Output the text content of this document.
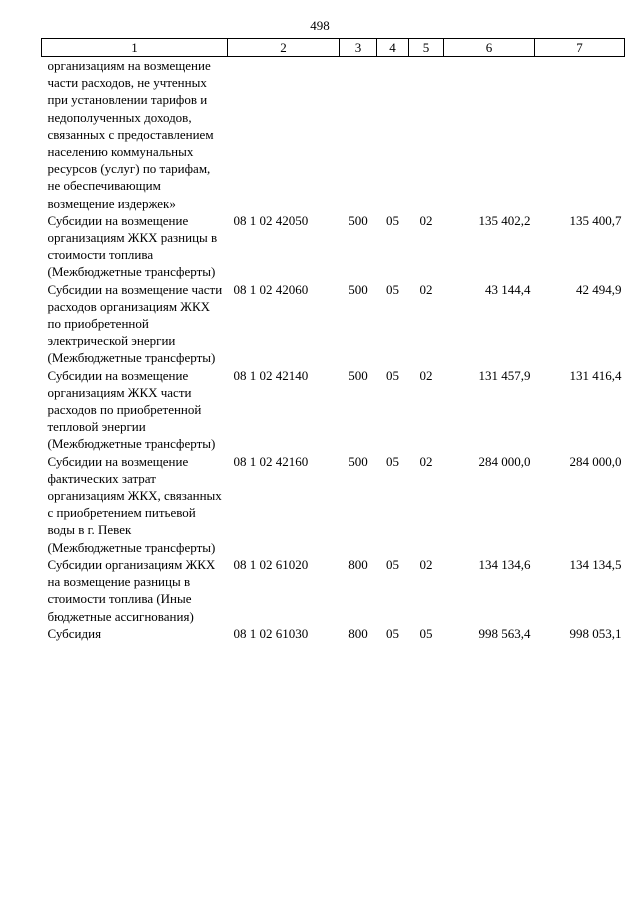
498
1	2	3	4	5	6	7
организациям на возмещение части расходов, не учтенных при установлении тарифов и недополученных доходов, связанных с предоставлением населению коммунальных ресурсов (услуг) по тарифам, не обеспечивающим возмещение издержек»						
Субсидии на возмещение организациям ЖКХ разницы в стоимости топлива (Межбюджетные трансферты)	08 1 02 42050	500	05	02	135 402,2	135 400,7
Субсидии на возмещение части расходов организациям ЖКХ по приобретенной электрической энергии (Межбюджетные трансферты)	08 1 02 42060	500	05	02	43 144,4	42 494,9
Субсидии на возмещение организациям ЖКХ части расходов по приобретенной тепловой энергии (Межбюджетные трансферты)	08 1 02 42140	500	05	02	131 457,9	131 416,4
Субсидии на возмещение фактических затрат организациям ЖКХ, связанных с приобретением питьевой воды в г. Певек (Межбюджетные трансферты)	08 1 02 42160	500	05	02	284 000,0	284 000,0
Субсидии организациям ЖКХ на возмещение разницы в стоимости топлива (Иные бюджетные ассигнования)	08 1 02 61020	800	05	02	134 134,6	134 134,5
Субсидия	08 1 02 61030	800	05	05	998 563,4	998 053,1
